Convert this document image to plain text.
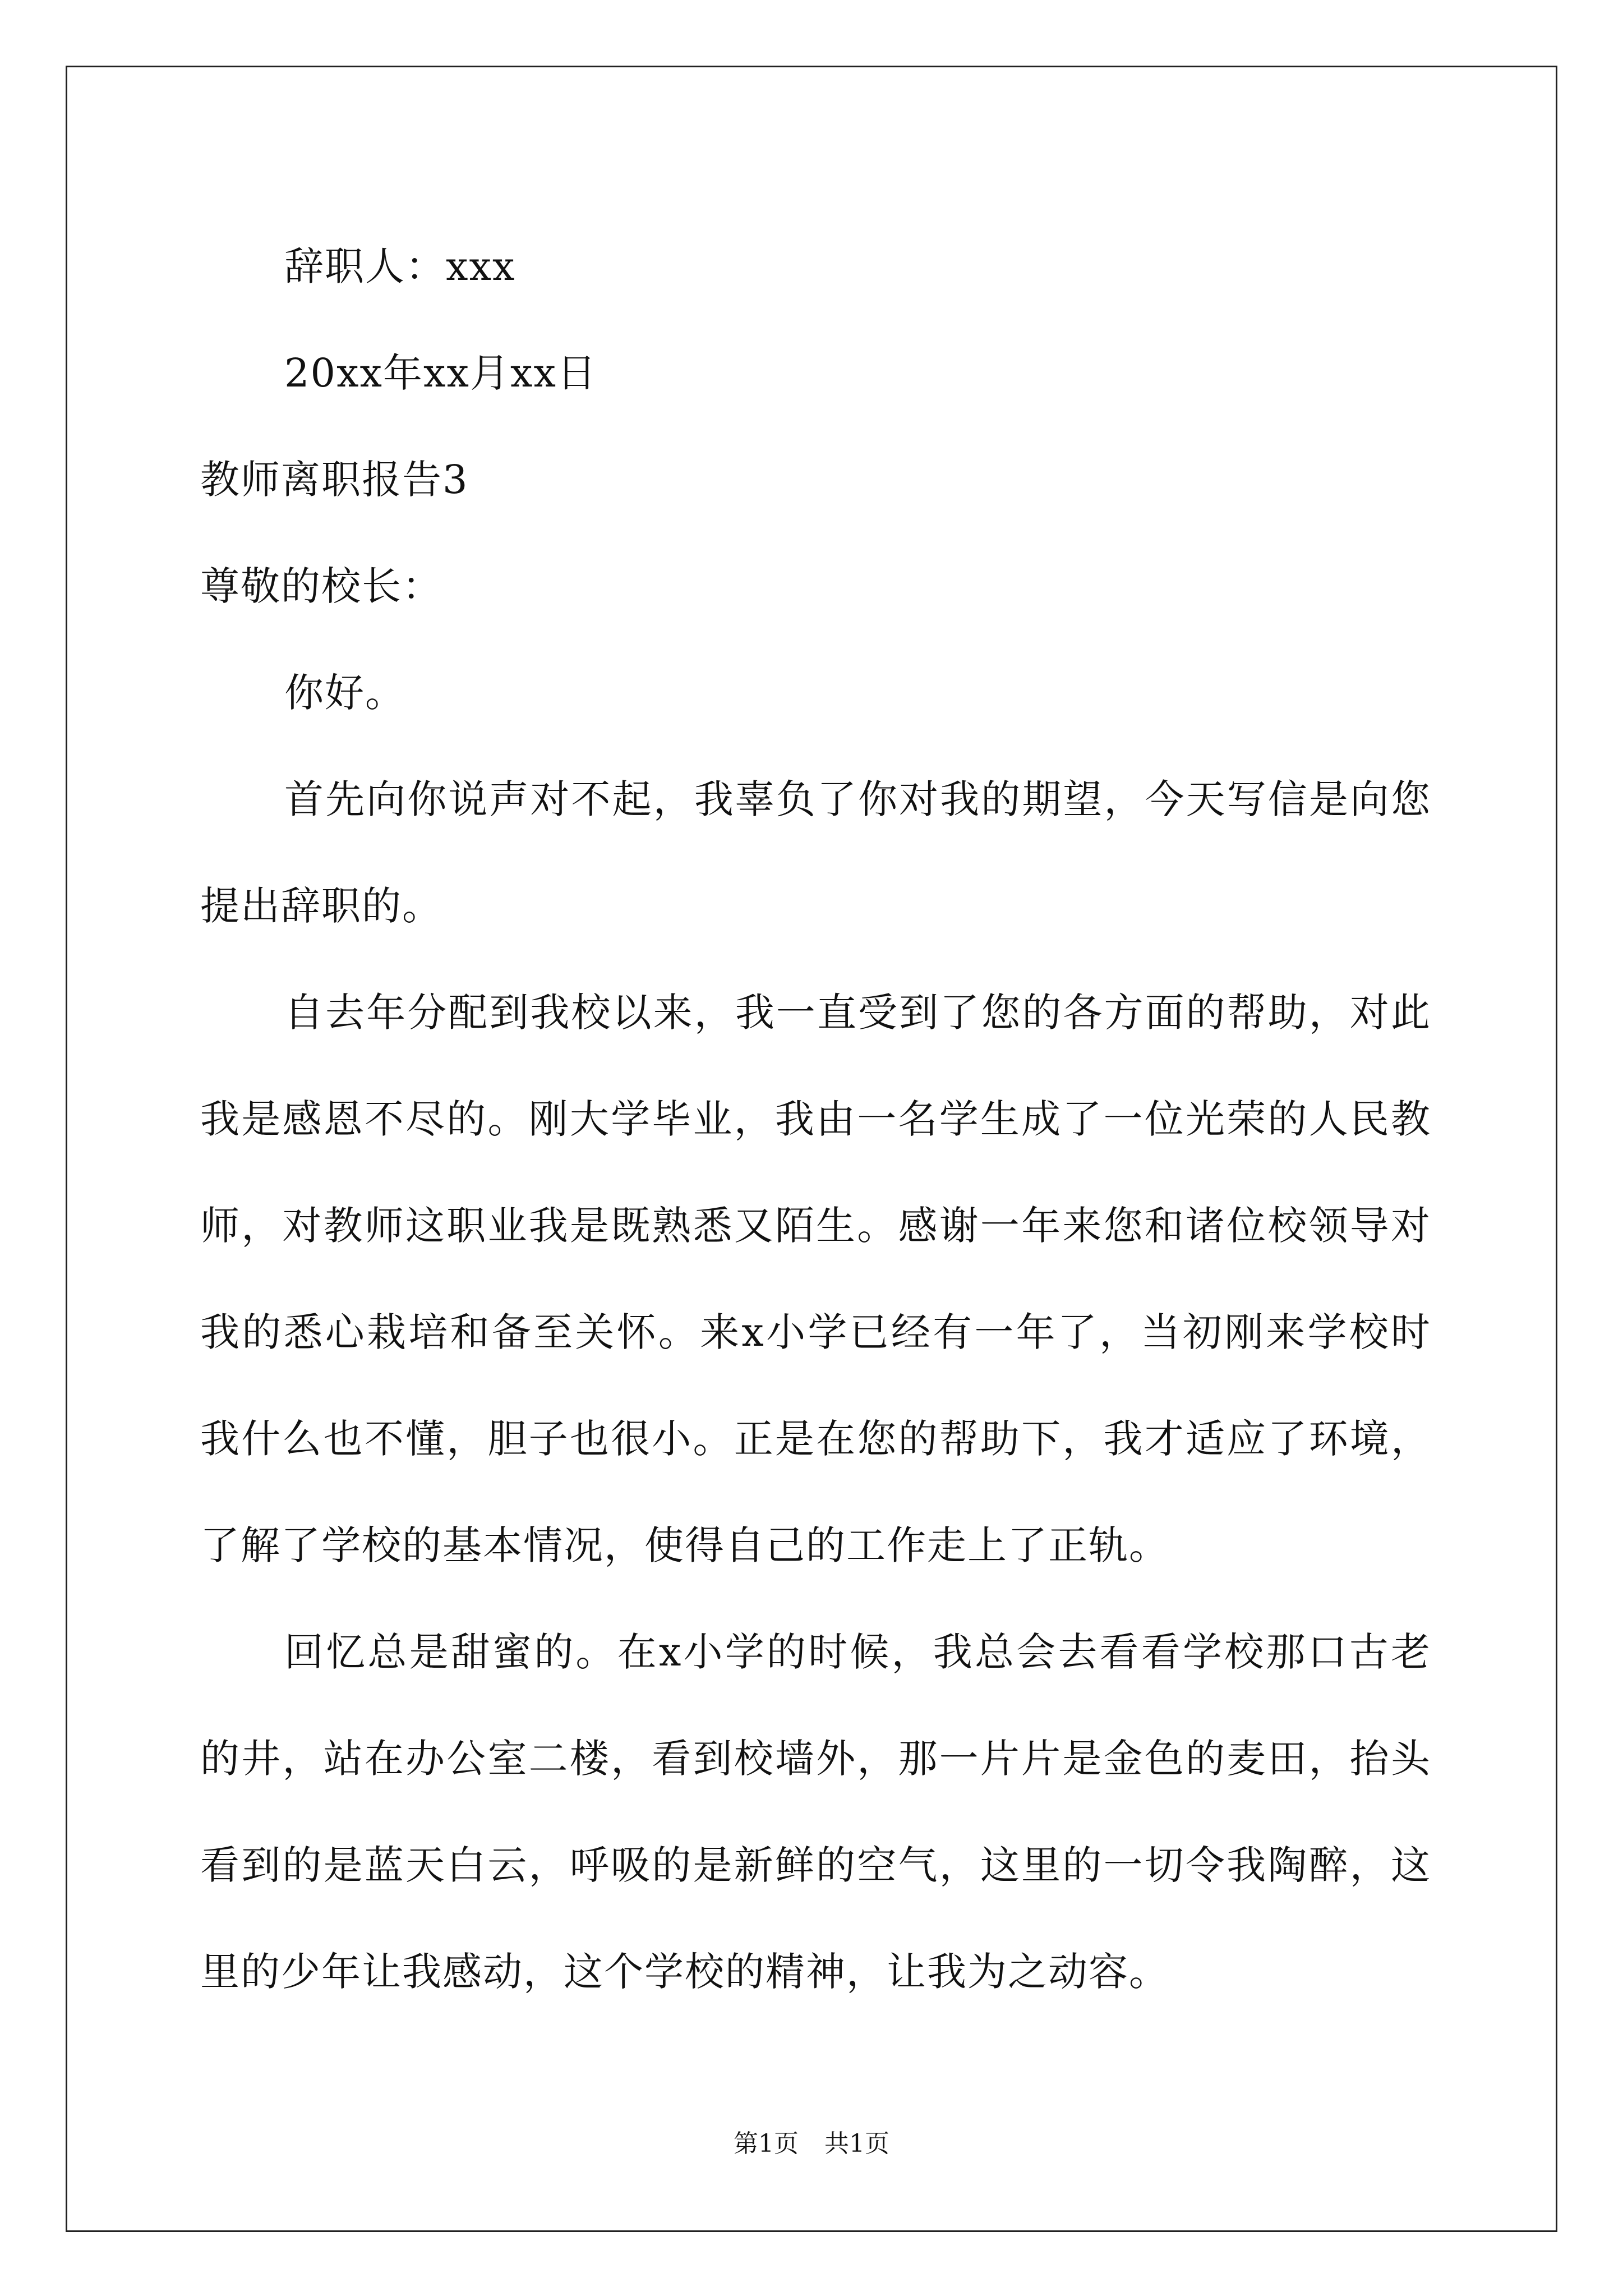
辞职人：xxx
20xx年xx月xx日
教师离职报告3
尊敬的校长：
你好。

首先向你说声对不起，我辜负了你对我的期望，今天写信是向您提出辞职的。

自去年分配到我校以来，我一直受到了您的各方面的帮助，对此我是感恩不尽的。刚大学毕业，我由一名学生成了一位光荣的人民教师，对教师这职业我是既熟悉又陌生。感谢一年来您和诸位校领导对我的悉心栽培和备至关怀。来x小学已经有一年了，当初刚来学校时我什么也不懂，胆子也很小。正是在您的帮助下，我才适应了环境，了解了学校的基本情况，使得自己的工作走上了正轨。

回忆总是甜蜜的。在x小学的时候，我总会去看看学校那口古老的井，站在办公室二楼，看到校墙外，那一片片是金色的麦田，抬头看到的是蓝天白云，呼吸的是新鲜的空气，这里的一切令我陶醉，这里的少年让我感动，这个学校的精神，让我为之动容。

第1页 共1页
